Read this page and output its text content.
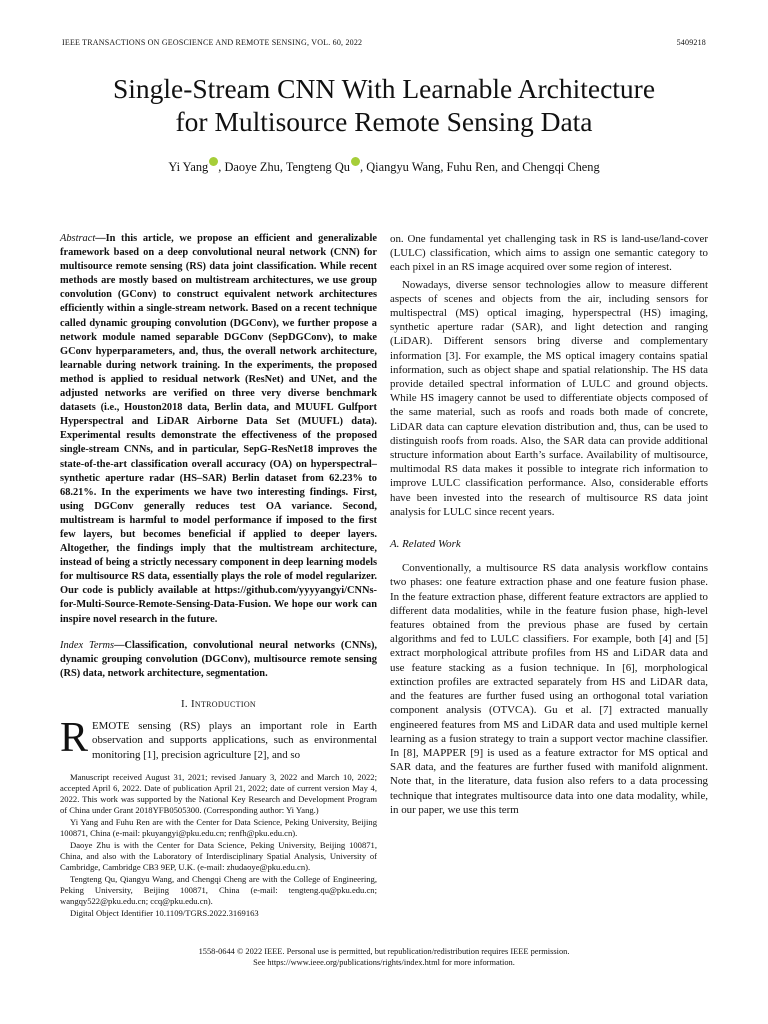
IEEE TRANSACTIONS ON GEOSCIENCE AND REMOTE SENSING, VOL. 60, 2022	5409218
Single-Stream CNN With Learnable Architecture
for Multisource Remote Sensing Data
Yi Yang , Daoye Zhu, Tengteng Qu , Qiangyu Wang, Fuhu Ren, and Chengqi Cheng

Abstract—In this article, we propose an efficient and generalizable framework based on a deep convolutional neural network (CNN) for multisource remote sensing (RS) data joint classification. While recent methods are mostly based on multistream architectures, we use group convolution (GConv) to construct equivalent network architectures efficiently within a single-stream network. Based on a recent technique called dynamic grouping convolution (DGConv), we further propose a network module named separable DGConv (SepDGConv), to make GConv hyperparameters, and, thus, the overall network architecture, learnable during network training. In the experiments, the proposed method is applied to residual network (ResNet) and UNet, and the adjusted networks are verified on three very diverse benchmark datasets (i.e., Houston2018 data, Berlin data, and MUUFL Gulfport Hyperspectral and LiDAR Airborne Data Set (MUUFL) data). Experimental results demonstrate the effectiveness of the proposed single-stream CNNs, and in particular, SepG-ResNet18 improves the state-of-the-art classification overall accuracy (OA) on hyperspectral–synthetic aperture radar (HS–SAR) Berlin dataset from 62.23% to 68.21%. In the experiments we have two interesting findings. First, using DGConv generally reduces test OA variance. Second, multistream is harmful to model performance if imposed to the first few layers, but becomes beneficial if applied to deeper layers. Altogether, the findings imply that the multistream architecture, instead of being a strictly necessary component in deep learning models for multisource RS data, essentially plays the role of model regularizer. Our code is publicly available at https://github.com/yyyyangyi/CNNs-for-Multi-Source-Remote-Sensing-Data-Fusion. We hope our work can inspire novel research in the future.

Index Terms—Classification, convolutional neural networks (CNNs), dynamic grouping convolution (DGConv), multisource remote sensing (RS) data, network architecture, segmentation.

I. Introduction

REMOTE sensing (RS) plays an important role in Earth observation and supports applications, such as environmental monitoring [1], precision agriculture [2], and so

Manuscript received August 31, 2021; revised January 3, 2022 and March 10, 2022; accepted April 6, 2022. Date of publication April 21, 2022; date of current version May 4, 2022. This work was supported by the National Key Research and Development Program of China under Grant 2018YFB0505300. (Corresponding author: Yi Yang.)

Yi Yang and Fuhu Ren are with the Center for Data Science, Peking University, Beijing 100871, China (e-mail: pkuyangyi@pku.edu.cn; renfh@pku.edu.cn).

Daoye Zhu is with the Center for Data Science, Peking University, Beijing 100871, China, and also with the Laboratory of Interdisciplinary Spatial Analysis, University of Cambridge, Cambridge CB3 9EP, U.K. (e-mail: zhudaoye@pku.edu.cn).

Tengteng Qu, Qiangyu Wang, and Chengqi Cheng are with the College of Engineering, Peking University, Beijing 100871, China (e-mail: tengteng.qu@pku.edu.cn; wangqy522@pku.edu.cn; ccq@pku.edu.cn).

Digital Object Identifier 10.1109/TGRS.2022.3169163

on. One fundamental yet challenging task in RS is land-use/land-cover (LULC) classification, which aims to assign one semantic category to each pixel in an RS image acquired over some region of interest.

Nowadays, diverse sensor technologies allow to measure different aspects of scenes and objects from the air, including sensors for multispectral (MS) optical imaging, hyperspectral (HS) imaging, synthetic aperture radar (SAR), and light detection and ranging (LiDAR). Different sensors bring diverse and complementary information [3]. For example, the MS optical imagery contains spatial information, such as object shape and spatial relationship. The HS data provide detailed spectral information of LULC and ground objects. While HS imagery cannot be used to differentiate objects composed of the same material, such as roofs and roads both made of concrete, LiDAR data can capture elevation distribution and, thus, can be used to distinguish roofs from roads. Also, the SAR data can provide additional structure information about Earth’s surface. Availability of multisource, multimodal RS data makes it possible to integrate rich information to improve LULC classification performance. Also, considerable efforts have been invested into the research of multisource RS data joint analysis for LULC since recent years.

A. Related Work

Conventionally, a multisource RS data analysis workflow contains two phases: one feature extraction phase and one feature fusion phase. In the feature extraction phase, different feature extractors are applied to different data modalities, while in the feature fusion phase, high-level features obtained from the previous phase are fused by certain algorithms and fed to LULC classifiers. For example, both [4] and [5] extract morphological attribute profiles from HS and LiDAR data and use feature stacking as a fusion technique. In [6], morphological extinction profiles are extracted separately from HS and LiDAR data, and the features are further fused using an orthogonal total variation component analysis (OTVCA). Gu et al. [7] extracted manually engineered features from MS and LiDAR data and used multiple kernel learning as a fusion strategy to train a support vector machine classifier. In [8], MAPPER [9] is used as a feature extractor for MS optical and SAR data, and the features are further fused with manifold alignment. Note that, in the literature, data fusion also refers to a data processing technique that integrates multisource data into one data modality, while, in our paper, we use this term

1558-0644 © 2022 IEEE. Personal use is permitted, but republication/redistribution requires IEEE permission.
See https://www.ieee.org/publications/rights/index.html for more information.
